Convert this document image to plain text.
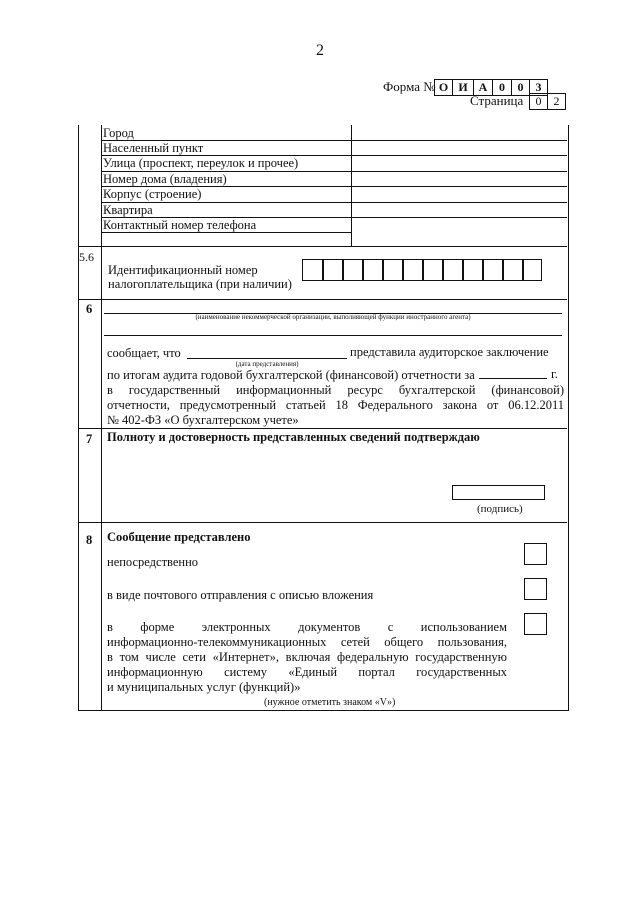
2
Форма № О И А 0	0	3
Страница	0	2
Город
Населенный пункт
Улица (проспект, переулок и прочее)
Номер дома (владения)
Корпус (строение)
Квартира
Контактный номер телефона
5.6
Идентификационный номер
налогоплательщика (при наличии)
6
(наименование некоммерческой организации, выполняющей функции иностранного агента)
сообщает, что
(дата представления)
представила аудиторское заключение
по итогам аудита годовой бухгалтерской (финансовой) отчетности за	г.
в государственный информационный ресурс бухгалтерской (финансовой)
отчетности, предусмотренный статьей 18 Федерального закона от 06.12.2011
№ 402-ФЗ «О бухгалтерском учете»
7 Полноту и достоверность представленных сведений подтверждаю
(подпись)
8 Сообщение представлено
непосредственно
в виде почтового отправления с описью вложения
в форме электронных документов с использованием
информационно-телекоммуникационных сетей общего пользования,
в том числе сети «Интернет», включая федеральную государственную
информационную систему «Единый портал государственных
и муниципальных услуг (функций)»
(нужное отметить знаком «V»)
